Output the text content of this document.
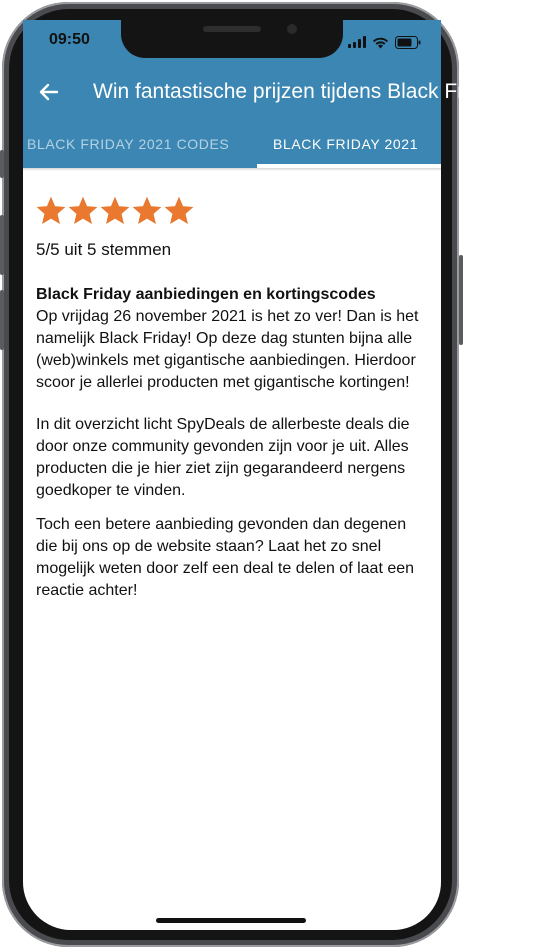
09:50
Win fantastische prijzen tijdens Black Friday 2021
BLACK FRIDAY 2021 CODES	BLACK FRIDAY 2021
5/5 uit 5 stemmen

Black Friday aanbiedingen en kortingscodes

Op vrijdag 26 november 2021 is het zo ver! Dan is het namelijk Black Friday! Op deze dag stunten bijna alle (web)winkels met gigantische aanbiedingen. Hierdoor scoor je allerlei producten met gigantische kortingen!

In dit overzicht licht SpyDeals de allerbeste deals die door onze community gevonden zijn voor je uit. Alles producten die je hier ziet zijn gegarandeerd nergens goedkoper te vinden.

Toch een betere aanbieding gevonden dan degenen die bij ons op de website staan? Laat het zo snel mogelijk weten door zelf een deal te delen of laat een reactie achter!
